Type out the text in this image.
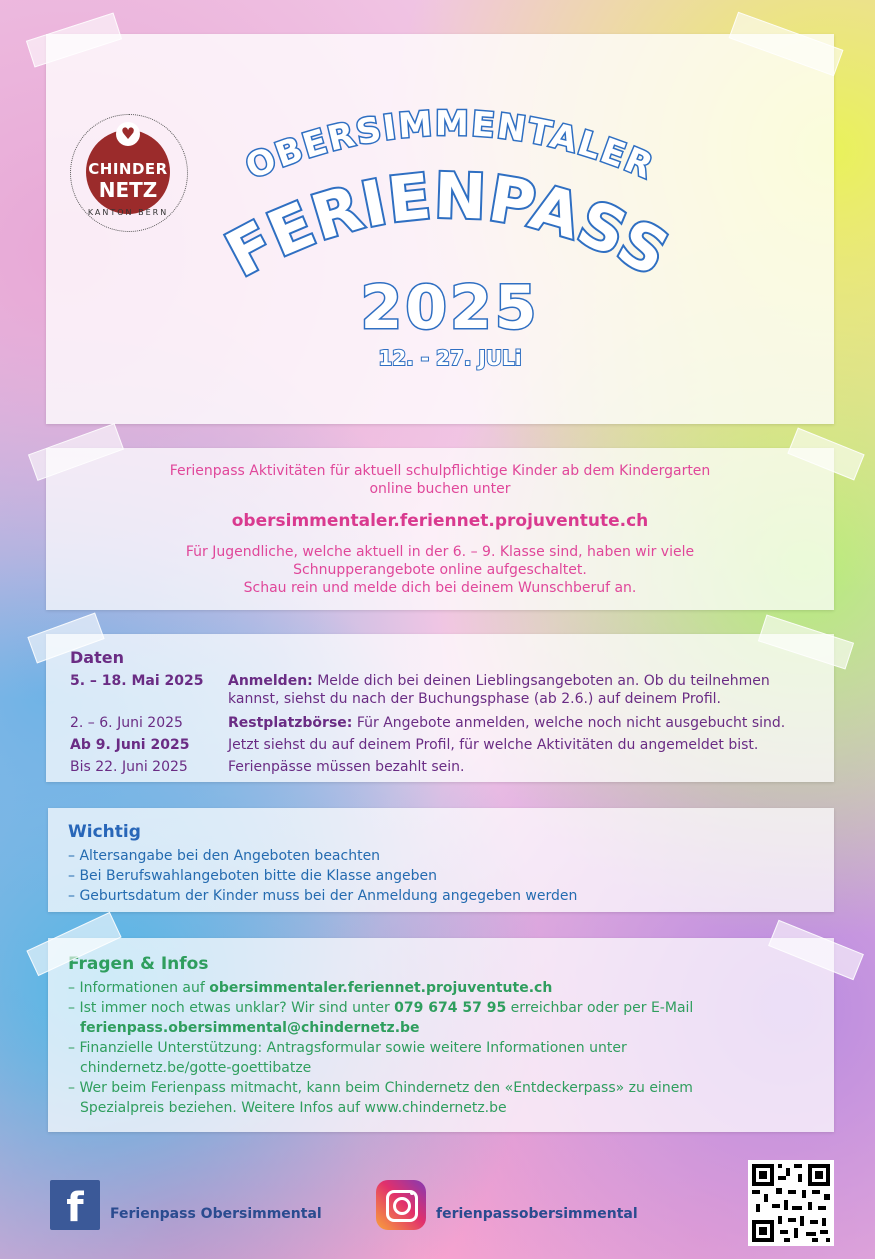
♥
CHINDER
NETZ
KANTON BERN
OBERSIMMENTALER
FERIENPASS
2025
12. - 27. JULi
Ferienpass Aktivitäten für aktuell schulpflichtige Kinder ab dem Kindergarten
online buchen unter
obersimmentaler.feriennet.projuventute.ch
Für Jugendliche, welche aktuell in der 6. – 9. Klasse sind, haben wir viele
Schnupperangebote online aufgeschaltet.
Schau rein und melde dich bei deinem Wunschberuf an.
Daten
5. – 18. Mai 2025	Anmelden: Melde dich bei deinen Lieblingsangeboten an. Ob du teilnehmen
kannst, siehst du nach der Buchungsphase (ab 2.6.) auf deinem Profil.
2. – 6. Juni 2025	Restplatzbörse: Für Angebote anmelden, welche noch nicht ausgebucht sind.
Ab 9. Juni 2025	Jetzt siehst du auf deinem Profil, für welche Aktivitäten du angemeldet bist.
Bis 22. Juni 2025	Ferienpässe müssen bezahlt sein.
Wichtig
– Altersangabe bei den Angeboten beachten
– Bei Berufswahlangeboten bitte die Klasse angeben
– Geburtsdatum der Kinder muss bei der Anmeldung angegeben werden
Fragen & Infos
– Informationen auf obersimmentaler.feriennet.projuventute.ch
– Ist immer noch etwas unklar? Wir sind unter 079 674 57 95 erreichbar oder per E-Mail
ferienpass.obersimmental@chindernetz.be
– Finanzielle Unterstützung: Antragsformular sowie weitere Informationen unter
chindernetz.be/gotte-goettibatze
– Wer beim Ferienpass mitmacht, kann beim Chindernetz den «Entdeckerpass» zu einem
Spezialpreis beziehen. Weitere Infos auf www.chindernetz.be
f	Ferienpass Obersimmental	ferienpassobersimmental
